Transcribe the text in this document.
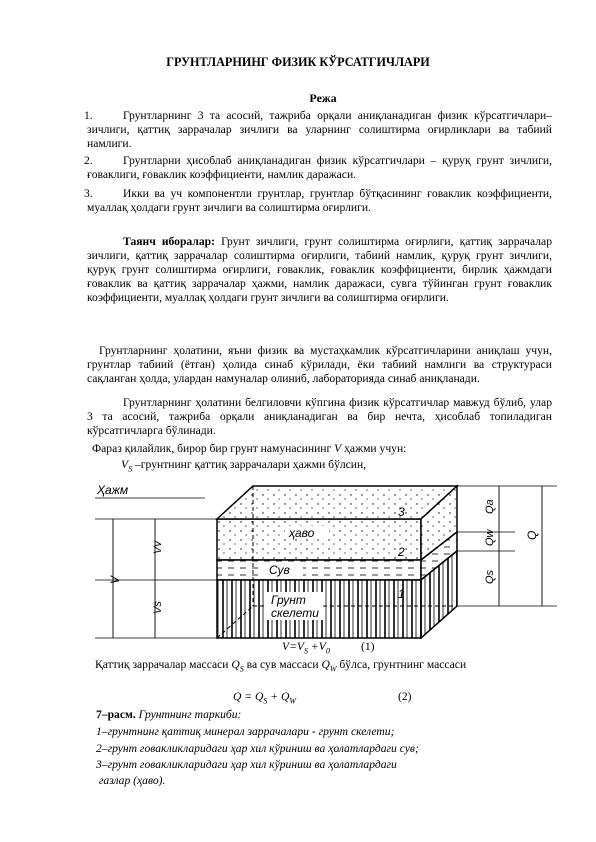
ГРУНТЛАРНИНГ ФИЗИК КЎРСАТГИЧЛАРИ
Режа
1.	Грунтларнинг 3 та асосий, тажриба орқали аниқланадиган физик кўрсатгичлари–зичлиги, қаттиқ заррачалар зичлиги ва уларнинг солиштирма оғирликлари ва табиий намлиги.
2.	Грунтларни ҳисоблаб аниқланадиган физик кўрсатгичлари – қуруқ грунт зичлиги, ғоваклиги, ғоваклик коэффициенти, намлик даражаси.
3.	Икки ва уч компонентли грунтлар, грунтлар бўтқасининг ғоваклик коэффициенти, муаллақ ҳолдаги грунт зичлиги ва солиштирма оғирлиги.
Таянч иборалар: Грунт зичлиги, грунт солиштирма оғирлиги, қаттиқ заррачалар зичлиги, қаттиқ заррачалар солиштирма оғирлиги, табиий намлик, қуруқ грунт зичлиги, қуруқ грунт солиштирма оғирлиги, ғоваклик, ғоваклик коэффициенти, бирлик ҳажмдаги ғоваклик ва қаттиқ заррачалар ҳажми, намлик даражаси, сувга тўйинган грунт ғоваклик коэффициенти, муаллақ ҳолдаги грунт зичлиги ва солиштирма оғирлиги.
Грунтларнинг ҳолатини, яъни физик ва мустаҳкамлик кўрсатгичларини аниқлаш учун, грунтлар табиий (ётган) ҳолида синаб кўрилади, ёки табиий намлиги ва структураси сақланган ҳолда, улардан намуналар олиниб, лабораторияда синаб аниқланади.
Грунтларнинг ҳолатини белгиловчи кўпгина физик кўрсатгичлар мавжуд бўлиб, улар 3 та асосий, тажриба орқали аниқланадиган ва бир нечта, ҳисоблаб топиладиган кўрсатгичларга бўлинади.
Фараз қилайлик, бирор бир грунт намунасининг V ҳажми учун:
$V_S$ –грунтнинг қаттиқ заррачалари ҳажми бўлсин,
ҳаво
Сув
Грунт
скелети
3
2
1
Ҳажм
V
Vv
Vs
Qa
Qw
Qs
Q
$V=V_S +V_0$	(1)
Қаттиқ заррачалар массаси $Q_S$ ва сув массаси $Q_W$ бўлса, грунтнинг массаси
$Q = Q_S + Q_W$	(2)
7–расм. Грунтнинг таркиби:
1–грунтнинг қаттиқ минерал заррачалари - грунт скелети;
2–грунт говакликларидаги ҳар хил кўриниш ва ҳолатлардаги сув;
3–грунт говакликларидаги ҳар хил кўриниш ва ҳолатлардаги
газлар (ҳаво).
